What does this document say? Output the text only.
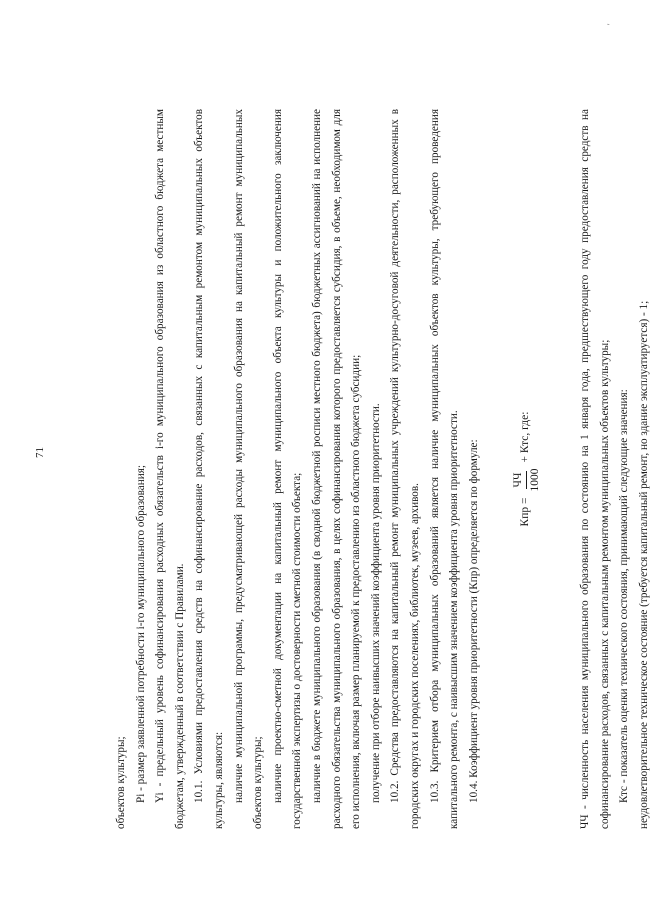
71

объектов культуры; Pi - размер заявленной потребности i-го муниципального образования; Yi - предельный уровень софинансирования расходных обязательств i-го муниципального образования из областного бюджета местным бюджетам, утвержденный в соответствии с Правилами. 10.1. Условиями предоставления средств на софинансирование расходов, связанных с капитальным ремонтом муниципальных объектов культуры, являются: наличие муниципальной программы, предусматривающей расходы муниципального образования на капитальный ремонт муниципальных объектов культуры; наличие проектно-сметной документации на капитальный ремонт муниципального объекта культуры и положительного заключения государственной экспертизы о достоверности сметной стоимости объекта; наличие в бюджете муниципального образования (в сводной бюджетной росписи местного бюджета) бюджетных ассигнований на исполнение расходного обязательства муниципального образования, в целях софинансирования которого предоставляется субсидия, в объеме, необходимом для его исполнения, включая размер планируемой к предоставлению из областного бюджета субсидии; получение при отборе наивысших значений коэффициента уровня приоритетности. 10.2. Средства предоставляются на капитальный ремонт муниципальных учреждений культурно-досуговой деятельности, расположенных в городских округах и городских поселениях, библиотек, музеев, архивов. 10.3. Критерием отбора муниципальных образований является наличие муниципальных объектов культуры, требующего проведения капитального ремонта, с наивысшим значением коэффициента уровня приоритетности. 10.4. Коэффициент уровня приоритетности (Кпр) определяется по формуле:	Кпр =
ЧЧ 1000
+ Ктс, где:	ЧЧ - численность населения муниципального образования по состоянию на 1 января года, предшествующего году предоставления средств на софинансирование расходов, связанных с капитальным ремонтом муниципальных объектов культуры; Ктс - показатель оценки технического состояния, принимающий следующие значения: неудовлетворительное техническое состояние (требуется капитальный ремонт, но здание эксплуатируется) - 1;

'
